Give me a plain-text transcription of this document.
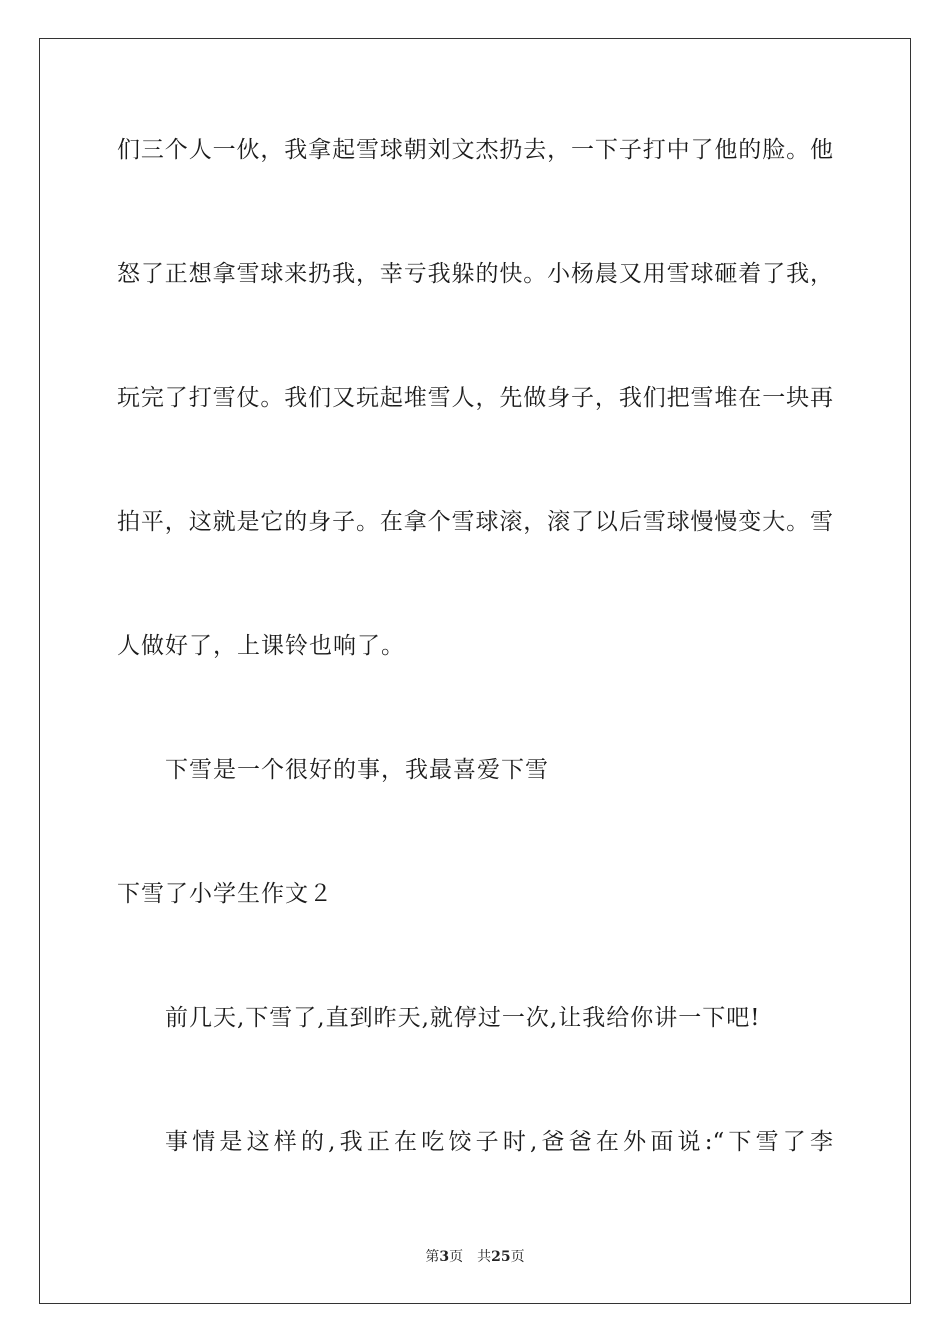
们三个人一伙，我拿起雪球朝刘文杰扔去，一下子打中了他的脸。他
怒了正想拿雪球来扔我，幸亏我躲的快。小杨晨又用雪球砸着了我，
玩完了打雪仗。我们又玩起堆雪人，先做身子，我们把雪堆在一块再
拍平，这就是它的身子。在拿个雪球滚，滚了以后雪球慢慢变大。雪
人做好了，上课铃也响了。
下雪是一个很好的事，我最喜爱下雪
下雪了小学生作文２
前几天,下雪了,直到昨天,就停过一次,让我给你讲一下吧!
事情是这样的,我正在吃饺子时,爸爸在外面说:“下雪了李
第3页 共25页
